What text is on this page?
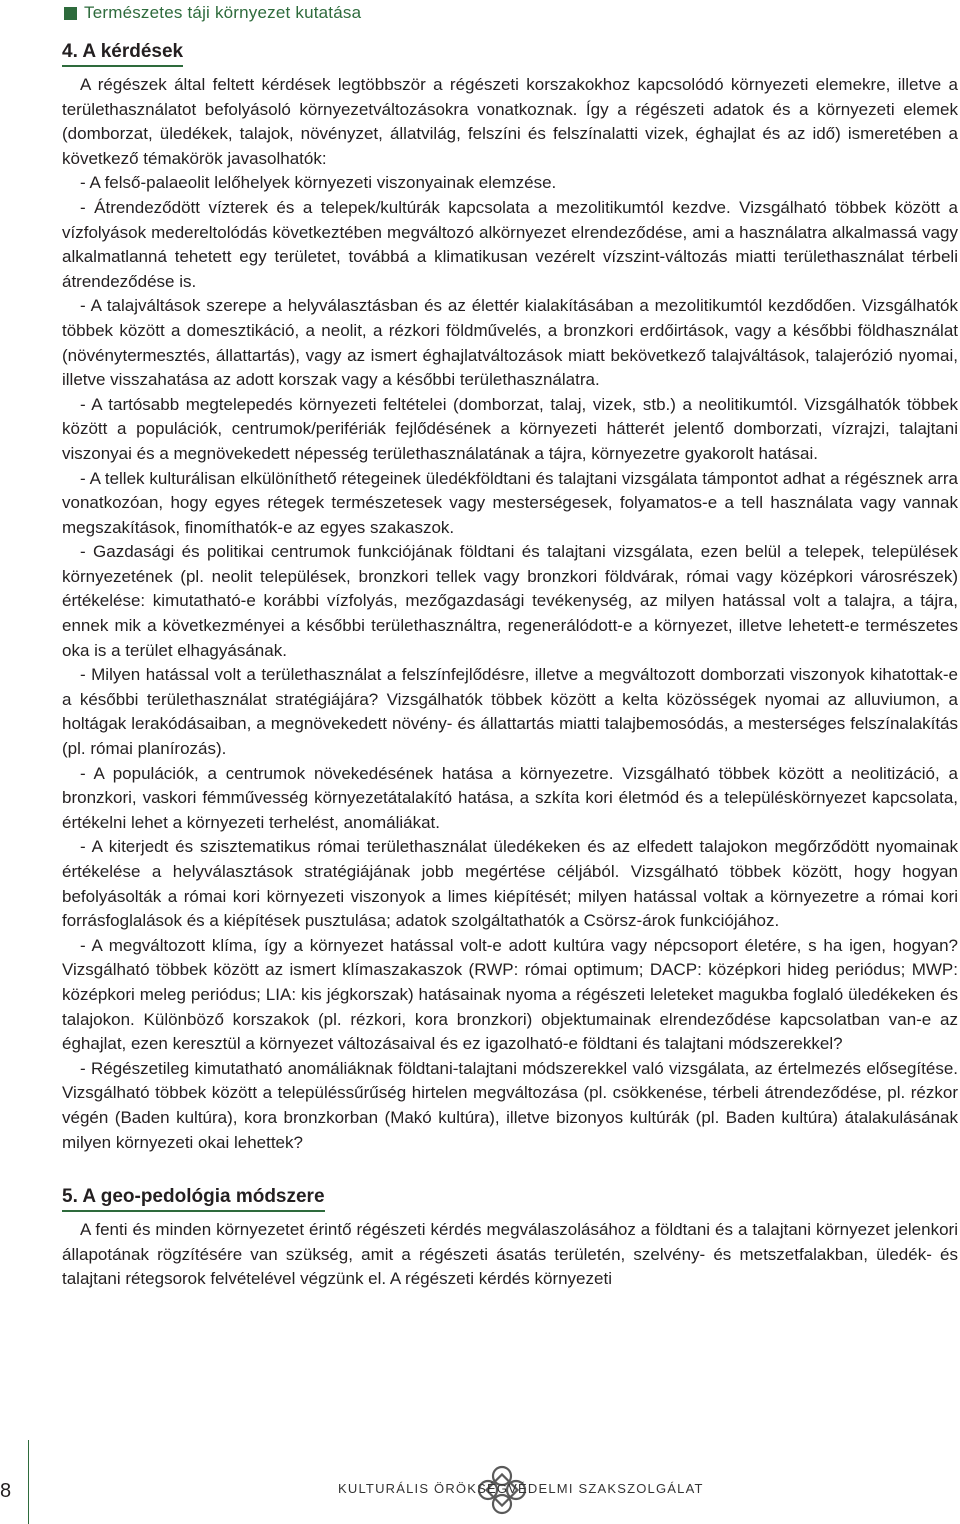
Természetes táji környezet kutatása
4. A kérdések

A régészek által feltett kérdések legtöbbször a régészeti korszakokhoz kapcsolódó környezeti elemekre, illetve a területhasználatot befolyásoló környezetváltozásokra vonatkoznak. Így a régészeti adatok és a környezeti elemek (domborzat, üledékek, talajok, növényzet, állatvilág, felszíni és felszínalatti vizek, éghajlat és az idő) ismeretében a következő témakörök javasolhatók:

- A felső-palaeolit lelőhelyek környezeti viszonyainak elemzése.

- Átrendeződött vízterek és a telepek/kultúrák kapcsolata a mezolitikumtól kezdve. Vizsgálható többek között a vízfolyások medereltolódás következtében megváltozó alkörnyezet elrendeződése, ami a használatra alkalmassá vagy alkalmatlanná tehetett egy területet, továbbá a klimatikusan vezérelt vízszint-változás miatti területhasználat térbeli átrendeződése is.

- A talajváltások szerepe a helyválasztásban és az élettér kialakításában a mezolitikumtól kezdődően. Vizsgálhatók többek között a domesztikáció, a neolit, a rézkori földművelés, a bronzkori erdőirtások, vagy a későbbi földhasználat (növénytermesztés, állattartás), vagy az ismert éghajlatváltozások miatt bekövetkező talajváltások, talajerózió nyomai, illetve visszahatása az adott korszak vagy a későbbi területhasználatra.

- A tartósabb megtelepedés környezeti feltételei (domborzat, talaj, vizek, stb.) a neolitikumtól. Vizsgálhatók többek között a populációk, centrumok/perifériák fejlődésének a környezeti hátterét jelentő domborzati, vízrajzi, talajtani viszonyai és a megnövekedett népesség területhasználatának a tájra, környezetre gyakorolt hatásai.

- A tellek kulturálisan elkülöníthető rétegeinek üledékföldtani és talajtani vizsgálata támpontot adhat a régésznek arra vonatkozóan, hogy egyes rétegek természetesek vagy mesterségesek, folyamatos-e a tell használata vagy vannak megszakítások, finomíthatók-e az egyes szakaszok.

- Gazdasági és politikai centrumok funkciójának földtani és talajtani vizsgálata, ezen belül a telepek, települések környezetének (pl. neolit települések, bronzkori tellek vagy bronzkori földvárak, római vagy középkori városrészek) értékelése: kimutatható-e korábbi vízfolyás, mezőgazdasági tevékenység, az milyen hatással volt a talajra, a tájra, ennek mik a következményei a későbbi területhasználtra, regenerálódott-e a környezet, illetve lehetett-e természetes oka is a terület elhagyásának.

- Milyen hatással volt a területhasználat a felszínfejlődésre, illetve a megváltozott domborzati viszonyok kihatottak-e a későbbi területhasználat stratégiájára? Vizsgálhatók többek között a kelta közösségek nyomai az alluviumon, a holtágak lerakódásaiban, a megnövekedett növény- és állattartás miatti talajbemosódás, a mesterséges felszínalakítás (pl. római planírozás).

- A populációk, a centrumok növekedésének hatása a környezetre. Vizsgálható többek között a neolitizáció, a bronzkori, vaskori fémművesség környezetátalakító hatása, a szkíta kori életmód és a településkörnyezet kapcsolata, értékelni lehet a környezeti terhelést, anomáliákat.

- A kiterjedt és szisztematikus római területhasználat üledékeken és az elfedett talajokon megőrződött nyomainak értékelése a helyválasztások stratégiájának jobb megértése céljából. Vizsgálható többek között, hogy hogyan befolyásolták a római kori környezeti viszonyok a limes kiépítését; milyen hatással voltak a környezetre a római kori forrásfoglalások és a kiépítések pusztulása; adatok szolgáltathatók a Csörsz-árok funkciójához.

- A megváltozott klíma, így a környezet hatással volt-e adott kultúra vagy népcsoport életére, s ha igen, hogyan? Vizsgálható többek között az ismert klímaszakaszok (RWP: római optimum; DACP: középkori hideg periódus; MWP: középkori meleg periódus; LIA: kis jégkorszak) hatásainak nyoma a régészeti leleteket magukba foglaló üledékeken és talajokon. Különböző korszakok (pl. rézkori, kora bronzkori) objektumainak elrendeződése kapcsolatban van-e az éghajlat, ezen keresztül a környezet változásaival és ez igazolható-e földtani és talajtani módszerekkel?

- Régészetileg kimutatható anomáliáknak földtani-talajtani módszerekkel való vizsgálata, az értelmezés elősegítése. Vizsgálható többek között a településsűrűség hirtelen megváltozása (pl. csökkenése, térbeli átrendeződése, pl. rézkor végén (Baden kultúra), kora bronzkorban (Makó kultúra), illetve bizonyos kultúrák (pl. Baden kultúra) átalakulásának milyen környezeti okai lehettek?

5. A geo-pedológia módszere

A fenti és minden környezetet érintő régészeti kérdés megválaszolásához a földtani és a talajtani környezet jelenkori állapotának rögzítésére van szükség, amit a régészeti ásatás területén, szelvény- és metszetfalakban, üledék- és talajtani rétegsorok felvételével végzünk el. A régészeti kérdés környezeti

8	KULTURÁLIS ÖRÖKSÉGVÉDELMI SZAKSZOLGÁLAT
